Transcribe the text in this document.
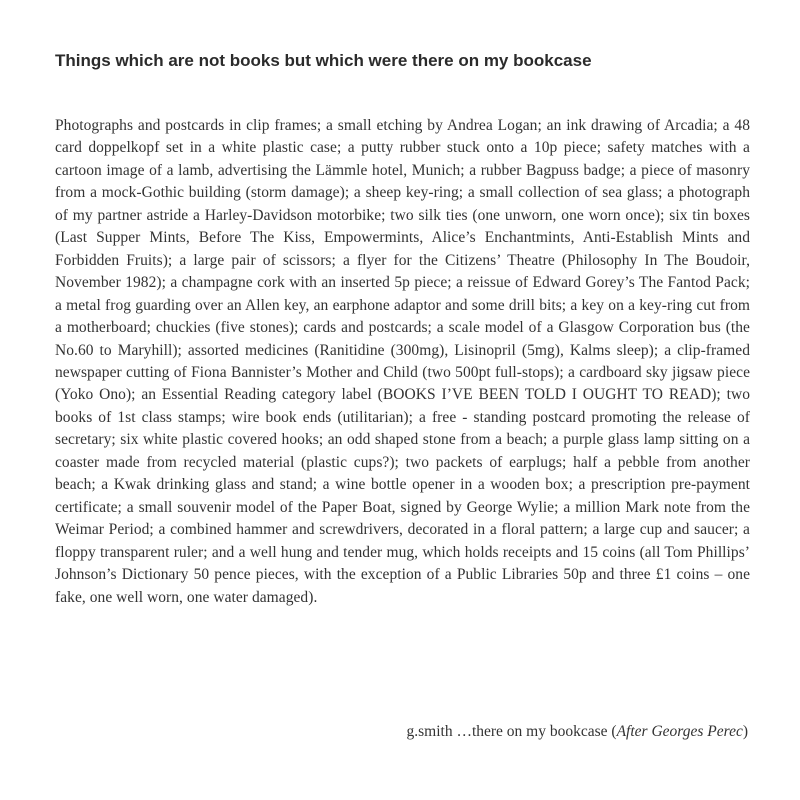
Things which are not books but which were there on my bookcase

Photographs and postcards in clip frames; a small etching by Andrea Logan; an ink drawing of Arcadia; a 48 card doppelkopf set in a white plastic case; a putty rubber stuck onto a 10p piece; safety matches with a cartoon image of a lamb, advertising the Lämmle hotel, Munich; a rubber Bagpuss badge; a piece of masonry from a mock-Gothic building (storm damage); a sheep key-ring; a small collection of sea glass; a photograph of my partner astride a Harley-Davidson motorbike; two silk ties (one unworn, one worn once); six tin boxes (Last Supper Mints, Before The Kiss, Empowermints, Alice’s Enchantmints, Anti-Establish Mints and Forbidden Fruits); a large pair of scissors; a flyer for the Citizens’ Theatre (Philosophy In The Boudoir, November 1982); a champagne cork with an inserted 5p piece; a reissue of Edward Gorey’s The Fantod Pack; a metal frog guarding over an Allen key, an earphone adaptor and some drill bits; a key on a key-ring cut from a motherboard; chuckies (five stones); cards and postcards; a scale model of a Glasgow Corporation bus (the No.60 to Maryhill); assorted medicines (Ranitidine (300mg), Lisinopril (5mg), Kalms sleep); a clip-framed newspaper cutting of Fiona Bannister’s Mother and Child (two 500pt full-stops); a cardboard sky jigsaw piece (Yoko Ono); an Essential Reading category label (BOOKS I’VE BEEN TOLD I OUGHT TO READ); two books of 1st class stamps; wire book ends (utilitarian); a free - standing postcard promoting the release of secretary; six white plastic covered hooks; an odd shaped stone from a beach; a purple glass lamp sitting on a coaster made from recycled material (plastic cups?); two packets of earplugs; half a pebble from another beach; a Kwak drinking glass and stand; a wine bottle opener in a wooden box; a prescription pre-payment certificate; a small souvenir model of the Paper Boat, signed by George Wylie; a million Mark note from the Weimar Period; a combined hammer and screwdrivers, decorated in a floral pattern; a large cup and saucer; a floppy transparent ruler; and a well hung and tender mug, which holds receipts and 15 coins (all Tom Phillips’ Johnson’s Dictionary 50 pence pieces, with the exception of a Public Libraries 50p and three £1 coins – one fake, one well worn, one water damaged).

g.smith …there on my bookcase (After Georges Perec)
